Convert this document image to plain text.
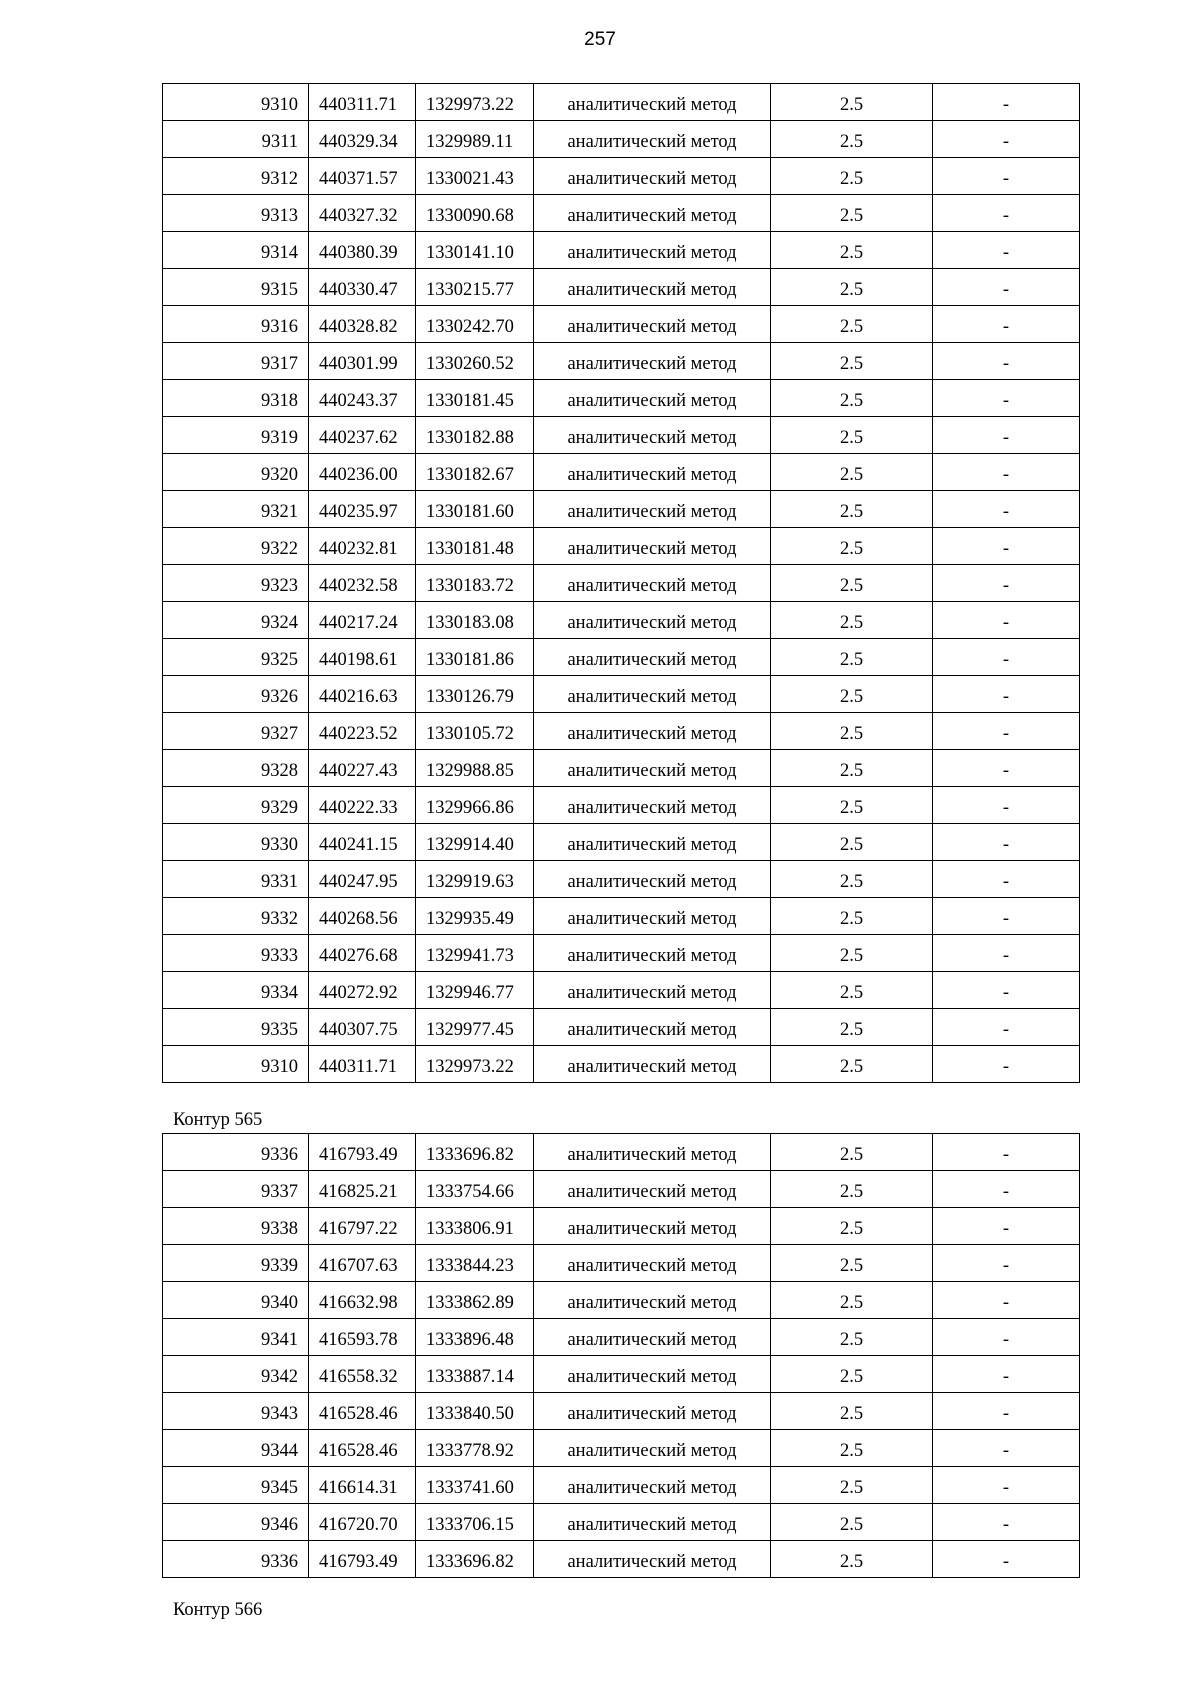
257
9310	440311.71	1329973.22	аналитический метод	2.5	-
9311	440329.34	1329989.11	аналитический метод	2.5	-
9312	440371.57	1330021.43	аналитический метод	2.5	-
9313	440327.32	1330090.68	аналитический метод	2.5	-
9314	440380.39	1330141.10	аналитический метод	2.5	-
9315	440330.47	1330215.77	аналитический метод	2.5	-
9316	440328.82	1330242.70	аналитический метод	2.5	-
9317	440301.99	1330260.52	аналитический метод	2.5	-
9318	440243.37	1330181.45	аналитический метод	2.5	-
9319	440237.62	1330182.88	аналитический метод	2.5	-
9320	440236.00	1330182.67	аналитический метод	2.5	-
9321	440235.97	1330181.60	аналитический метод	2.5	-
9322	440232.81	1330181.48	аналитический метод	2.5	-
9323	440232.58	1330183.72	аналитический метод	2.5	-
9324	440217.24	1330183.08	аналитический метод	2.5	-
9325	440198.61	1330181.86	аналитический метод	2.5	-
9326	440216.63	1330126.79	аналитический метод	2.5	-
9327	440223.52	1330105.72	аналитический метод	2.5	-
9328	440227.43	1329988.85	аналитический метод	2.5	-
9329	440222.33	1329966.86	аналитический метод	2.5	-
9330	440241.15	1329914.40	аналитический метод	2.5	-
9331	440247.95	1329919.63	аналитический метод	2.5	-
9332	440268.56	1329935.49	аналитический метод	2.5	-
9333	440276.68	1329941.73	аналитический метод	2.5	-
9334	440272.92	1329946.77	аналитический метод	2.5	-
9335	440307.75	1329977.45	аналитический метод	2.5	-
9310	440311.71	1329973.22	аналитический метод	2.5	-
Контур 565
9336	416793.49	1333696.82	аналитический метод	2.5	-
9337	416825.21	1333754.66	аналитический метод	2.5	-
9338	416797.22	1333806.91	аналитический метод	2.5	-
9339	416707.63	1333844.23	аналитический метод	2.5	-
9340	416632.98	1333862.89	аналитический метод	2.5	-
9341	416593.78	1333896.48	аналитический метод	2.5	-
9342	416558.32	1333887.14	аналитический метод	2.5	-
9343	416528.46	1333840.50	аналитический метод	2.5	-
9344	416528.46	1333778.92	аналитический метод	2.5	-
9345	416614.31	1333741.60	аналитический метод	2.5	-
9346	416720.70	1333706.15	аналитический метод	2.5	-
9336	416793.49	1333696.82	аналитический метод	2.5	-
Контур 566
